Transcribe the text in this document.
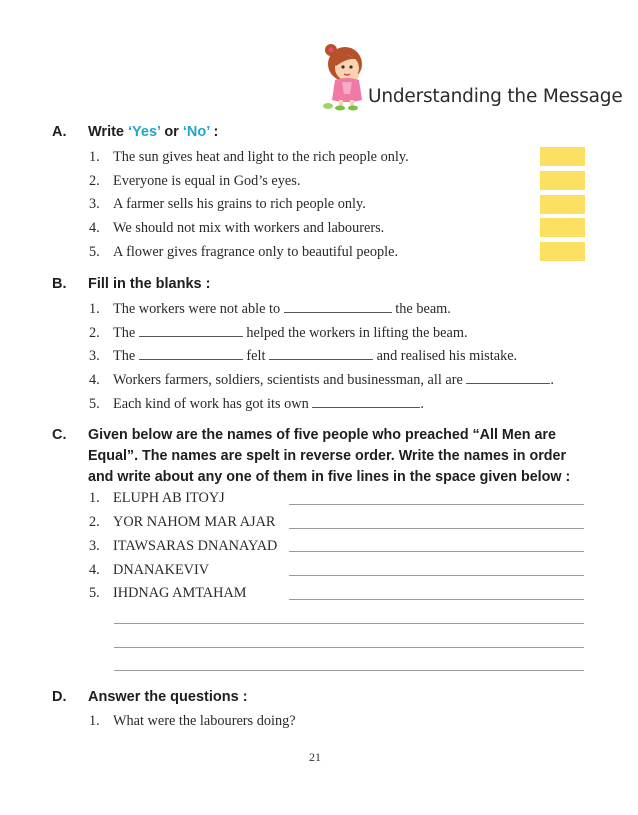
Understanding the Message
A. Write ‘Yes’ or ‘No’ :
1. The sun gives heat and light to the rich people only.
2. Everyone is equal in God’s eyes.
3. A farmer sells his grains to rich people only.
4. We should not mix with workers and labourers.
5. A flower gives fragrance only to beautiful people.
B. Fill in the blanks :
1. The workers were not able to	the beam.
2. The	helped the workers in lifting the beam.
3. The	felt	and realised his mistake.
4. Workers farmers, soldiers, scientists and businessman, all are	.
5. Each kind of work has got its own	.
C. Given below are the names of five people who preached “All Men are Equal”. The names are spelt in reverse order. Write the names in order and write about any one of them in five lines in the space given below :
1. ELUPH AB ITOYJ
2. YOR NAHOM MAR AJAR
3. ITAWSARAS DNANAYAD
4. DNANAKEVIV
5. IHDNAG AMTAHAM
D. Answer the questions :
1. What were the labourers doing?
21
